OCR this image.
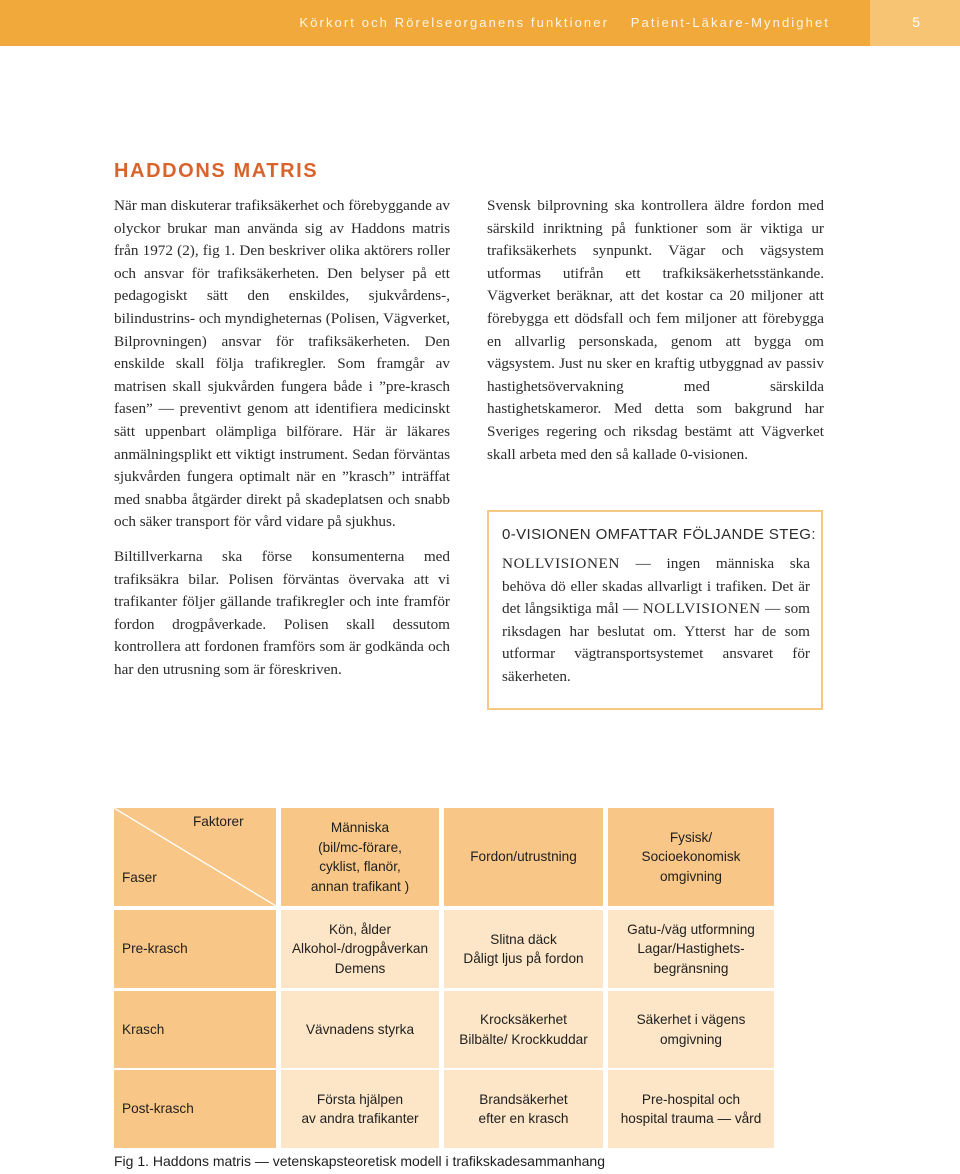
Körkort och Rörelseorganens funktioner Patient-Läkare-Myndighet	5
HADDONS MATRIS

När man diskuterar trafiksäkerhet och förebyggande av olyckor brukar man använda sig av Haddons matris från 1972 (2), fig 1. Den beskriver olika aktörers roller och ansvar för trafiksäkerheten. Den belyser på ett pedagogiskt sätt den enskildes, sjukvårdens-, bilindustrins- och myndigheternas (Polisen, Vägverket, Bilprovningen) ansvar för trafiksäkerheten. Den enskilde skall följa trafikregler. Som framgår av matrisen skall sjukvården fungera både i ”pre-krasch fasen” — preventivt genom att identifiera medicinskt sätt uppenbart olämpliga bilförare. Här är läkares anmälningsplikt ett viktigt instrument. Sedan förväntas sjukvården fungera optimalt när en ”krasch” inträffat med snabba åtgärder direkt på skadeplatsen och snabb och säker transport för vård vidare på sjukhus.

Biltillverkarna ska förse konsumenterna med trafiksäkra bilar. Polisen förväntas övervaka att vi trafikanter följer gällande trafikregler och inte framför fordon drogpåverkade. Polisen skall dessutom kontrollera att fordonen framförs som är godkända och har den utrusning som är föreskriven.

Svensk bilprovning ska kontrollera äldre fordon med särskild inriktning på funktioner som är viktiga ur trafiksäkerhets synpunkt. Vägar och vägsystem utformas utifrån ett trafkiksäkerhetsstänkande. Vägverket beräknar, att det kostar ca 20 miljoner att förebygga ett dödsfall och fem miljoner att förebygga en allvarlig personskada, genom att bygga om vägsystem. Just nu sker en kraftig utbyggnad av passiv hastighetsövervakning med särskilda hastighetskameror. Med detta som bakgrund har Sveriges regering och riksdag bestämt att Vägverket skall arbeta med den så kallade 0-visionen.

0-VISIONEN OMFATTAR FÖLJANDE STEG:
NOLLVISIONEN — ingen människa ska behöva dö eller skadas allvarligt i trafiken. Det är det långsiktiga mål — NOLLVISIONEN — som riksdagen har beslutat om. Ytterst har de som utformar vägtransportsystemet ansvaret för säkerheten.
Faktorer
Faser
Människa
(bil/mc-förare,
cyklist, flanör,
annan trafikant )
Fordon/utrustning
Fysisk/
Socioekonomisk
omgivning
Pre-krasch
Kön, ålder
Alkohol-/drogpåverkan
Demens
Slitna däck
Dåligt ljus på fordon
Gatu-/väg utformning
Lagar/Hastighets-
begränsning
Krasch	Vävnadens styrka
Krocksäkerhet
Bilbälte/ Krockkuddar
Säkerhet i vägens
omgivning
Post-krasch
Första hjälpen
av andra trafikanter
Brandsäkerhet
efter en krasch
Pre-hospital och
hospital trauma — vård
Fig 1. Haddons matris — vetenskapsteoretisk modell i trafikskadesammanhang
